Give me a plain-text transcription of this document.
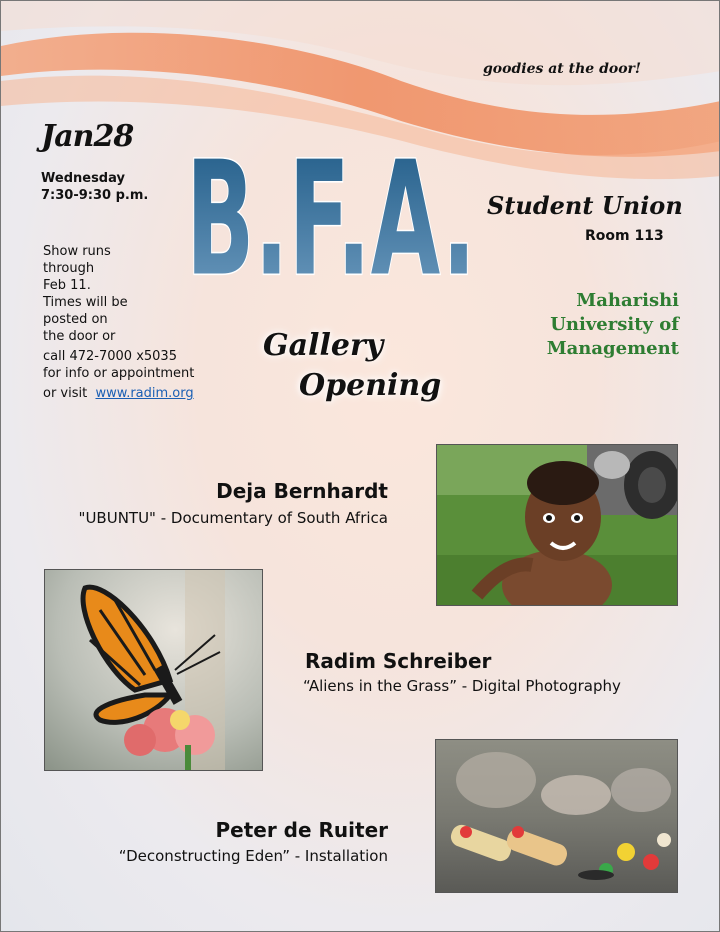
goodies at the door!
Jan28
Wednesday
7:30-9:30 p.m. B.F.A.
Show runs
through
Feb 11.
Times will be
posted on
the door or
call 472-7000 x5035
for info or appointment
or visit www.radim.org
Student Union
Room 113
Maharishi
University of
Management
Gallery
Opening
Deja Bernhardt
"UBUNTU" - Documentary of South Africa
Radim Schreiber
“Aliens in the Grass” - Digital Photography
Peter de Ruiter
“Deconstructing Eden” - Installation
